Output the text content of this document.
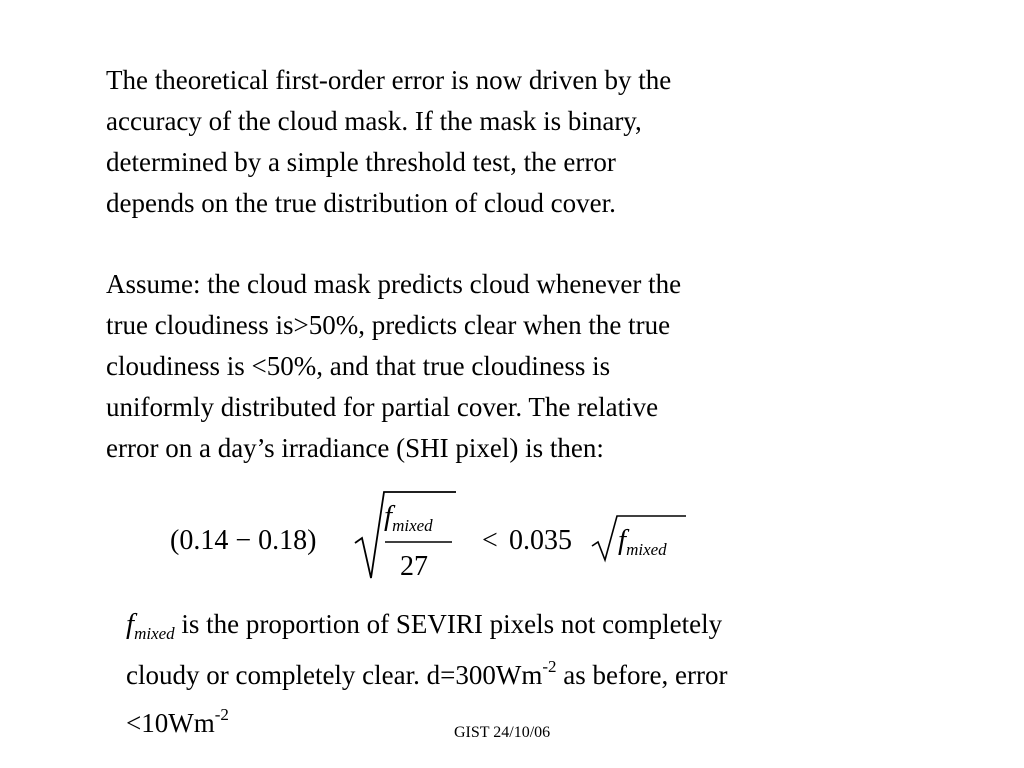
The theoretical first-order error is now driven by the
accuracy of the cloud mask. If the mask is binary,
determined by a simple threshold test, the error
depends on the true distribution of cloud cover.
Assume: the cloud mask predicts cloud whenever the
true cloudiness is>50%, predicts clear when the true
cloudiness is <50%, and that true cloudiness is
uniformly distributed for partial cover. The relative
error on a day’s irradiance (SHI pixel) is then:
(0.14 − 0.18)
$f_{mixed}$
27
< 0.035 $f_{mixed}$
$f_{mixed}$ is the proportion of SEVIRI pixels not completely
cloudy or completely clear. $d=300Wm^{-2}$ as before, error
$<10Wm^{-2}$
GIST 24/10/06
